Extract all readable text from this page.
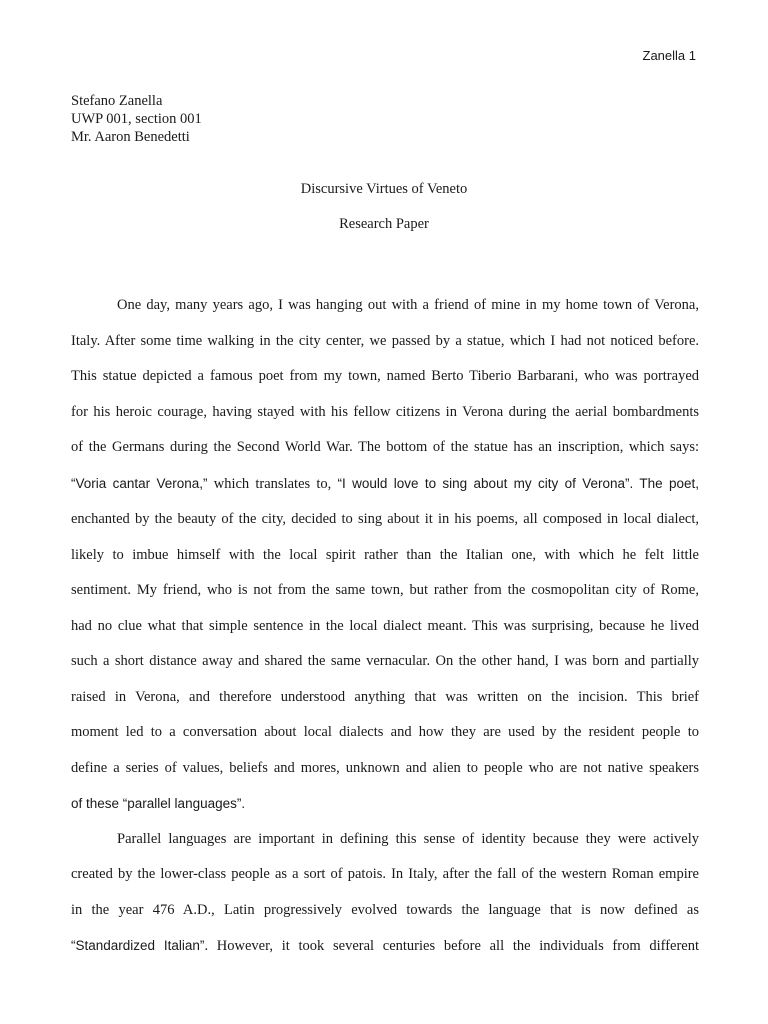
Zanella 1
Stefano Zanella
UWP 001, section 001
Mr. Aaron Benedetti
Discursive Virtues of Veneto
Research Paper
One day, many years ago, I was hanging out with a friend of mine in my home town of Verona,
Italy. After some time walking in the city center, we passed by a statue, which I had not noticed before.
This statue depicted a famous poet from my town, named Berto Tiberio Barbarani, who was portrayed
for his heroic courage, having stayed with his fellow citizens in Verona during the aerial bombardments
of the Germans during the Second World War. The bottom of the statue has an inscription, which says:
“Voria cantar Verona,” which translates to, “I would love to sing about my city of Verona”. The poet,
enchanted by the beauty of the city, decided to sing about it in his poems, all composed in local dialect,
likely to imbue himself with the local spirit rather than the Italian one, with which he felt little
sentiment. My friend, who is not from the same town, but rather from the cosmopolitan city of Rome,
had no clue what that simple sentence in the local dialect meant. This was surprising, because he lived
such a short distance away and shared the same vernacular. On the other hand, I was born and partially
raised in Verona, and therefore understood anything that was written on the incision. This brief
moment led to a conversation about local dialects and how they are used by the resident people to
define a series of values, beliefs and mores, unknown and alien to people who are not native speakers
of these “parallel languages”.
Parallel languages are important in defining this sense of identity because they were actively
created by the lower-class people as a sort of patois. In Italy, after the fall of the western Roman empire
in the year 476 A.D., Latin progressively evolved towards the language that is now defined as
“Standardized Italian”. However, it took several centuries before all the individuals from different
